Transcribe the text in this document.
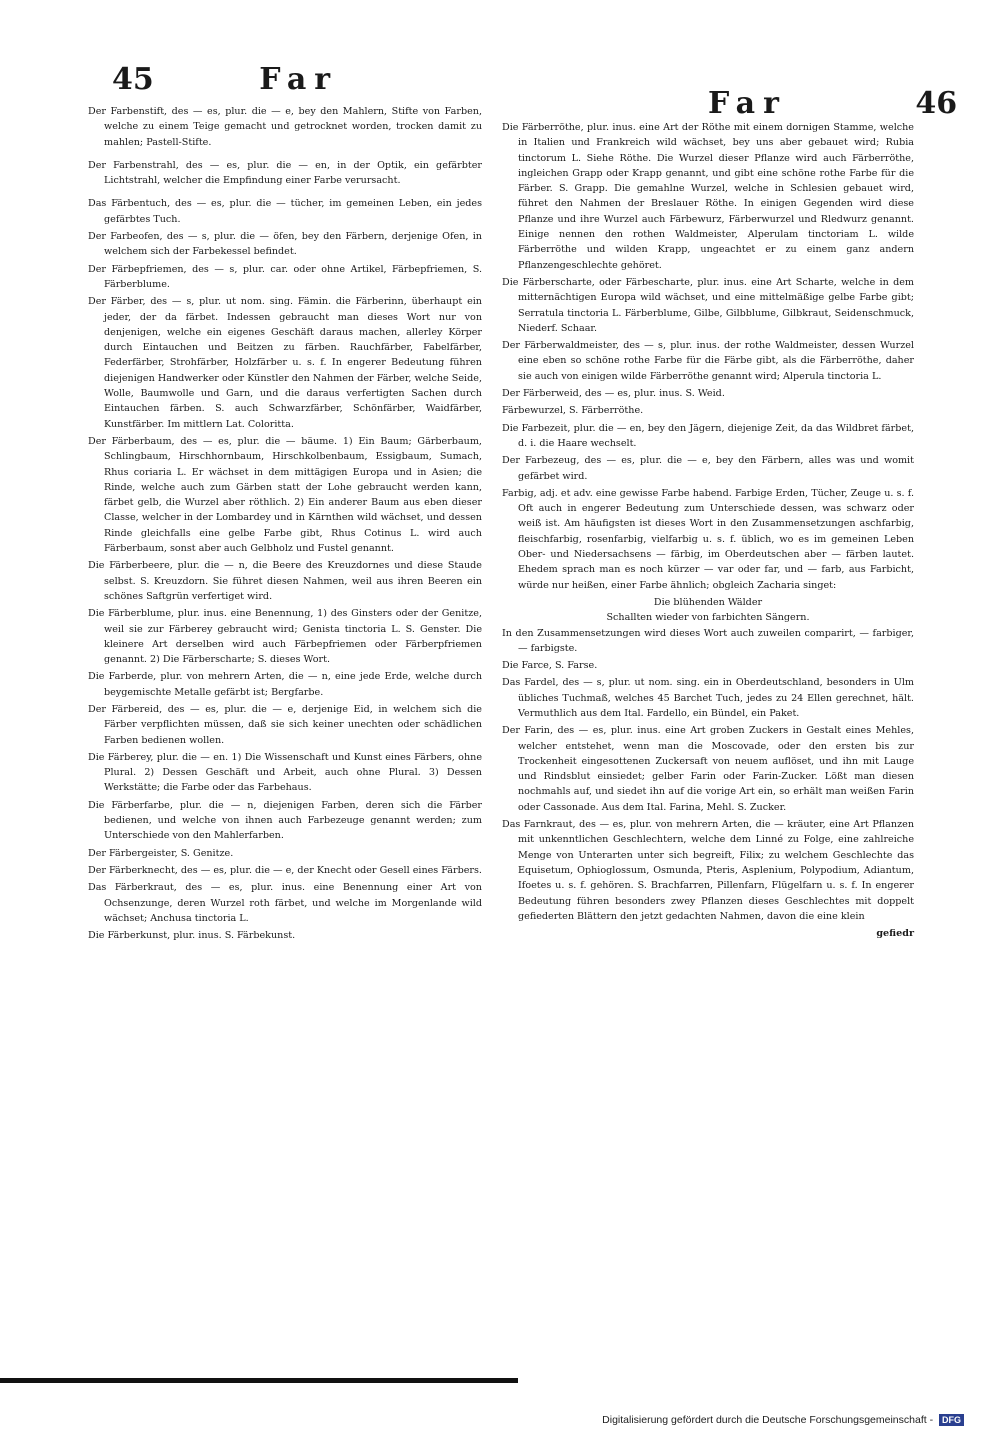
45	Far
Far	46

Der Farbenstift, des — es, plur. die — e, bey den Mahlern, Stifte von Farben, welche zu einem Teige gemacht und getrocknet worden, trocken damit zu mahlen; Pastell-Stifte.

Der Farbenstrahl, des — es, plur. die — en, in der Optik, ein gefärbter Lichtstrahl, welcher die Empfindung einer Farbe verursacht.

Das Färbentuch, des — es, plur. die — tücher, im gemeinen Leben, ein jedes gefärbtes Tuch.

Der Farbeofen, des — s, plur. die — öfen, bey den Färbern, derjenige Ofen, in welchem sich der Farbekessel befindet.

Der Färbepfriemen, des — s, plur. car. oder ohne Artikel, Färbepfriemen, S. Färberblume.

Der Färber, des — s, plur. ut nom. sing. Fämin. die Färberinn, überhaupt ein jeder, der da färbet. Indessen gebraucht man dieses Wort nur von denjenigen, welche ein eigenes Geschäft daraus machen, allerley Körper durch Eintauchen und Beitzen zu färben. Rauchfärber, Fabelfärber, Federfärber, Strohfärber, Holzfärber u. s. f. In engerer Bedeutung führen diejenigen Handwerker oder Künstler den Nahmen der Färber, welche Seide, Wolle, Baumwolle und Garn, und die daraus verfertigten Sachen durch Eintauchen färben. S. auch Schwarzfärber, Schönfärber, Waidfärber, Kunstfärber. Im mittlern Lat. Coloritta.

Der Färberbaum, des — es, plur. die — bäume. 1) Ein Baum; Gärberbaum, Schlingbaum, Hirschhornbaum, Hirschkolbenbaum, Essigbaum, Sumach, Rhus coriaria L. Er wächset in dem mittägigen Europa und in Asien; die Rinde, welche auch zum Gärben statt der Lohe gebraucht werden kann, färbet gelb, die Wurzel aber röthlich. 2) Ein anderer Baum aus eben dieser Classe, welcher in der Lombardey und in Kärnthen wild wächset, und dessen Rinde gleichfalls eine gelbe Farbe gibt, Rhus Cotinus L. wird auch Färberbaum, sonst aber auch Gelbholz und Fustel genannt.

Die Färberbeere, plur. die — n, die Beere des Kreuzdornes und diese Staude selbst. S. Kreuzdorn. Sie führet diesen Nahmen, weil aus ihren Beeren ein schönes Saftgrün verfertiget wird.

Die Färberblume, plur. inus. eine Benennung, 1) des Ginsters oder der Genitze, weil sie zur Färberey gebraucht wird; Genista tinctoria L. S. Genster. Die kleinere Art derselben wird auch Färbepfriemen oder Färberpfriemen genannt. 2) Die Färberscharte; S. dieses Wort.

Die Farberde, plur. von mehrern Arten, die — n, eine jede Erde, welche durch beygemischte Metalle gefärbt ist; Bergfarbe.

Der Färbereid, des — es, plur. die — e, derjenige Eid, in welchem sich die Färber verpflichten müssen, daß sie sich keiner unechten oder schädlichen Farben bedienen wollen.

Die Färberey, plur. die — en. 1) Die Wissenschaft und Kunst eines Färbers, ohne Plural. 2) Dessen Geschäft und Arbeit, auch ohne Plural. 3) Dessen Werkstätte; die Farbe oder das Farbehaus.

Die Färberfarbe, plur. die — n, diejenigen Farben, deren sich die Färber bedienen, und welche von ihnen auch Farbezeuge genannt werden; zum Unterschiede von den Mahlerfarben.

Der Färbergeister, S. Genitze.

Der Färberknecht, des — es, plur. die — e, der Knecht oder Gesell eines Färbers.

Das Färberkraut, des — es, plur. inus. eine Benennung einer Art von Ochsenzunge, deren Wurzel roth färbet, und welche im Morgenlande wild wächset; Anchusa tinctoria L.

Die Färberkunst, plur. inus. S. Färbekunst.

Die Färberröthe, plur. inus. eine Art der Röthe mit einem dornigen Stamme, welche in Italien und Frankreich wild wächset, bey uns aber gebauet wird; Rubia tinctorum L. Siehe Röthe. Die Wurzel dieser Pflanze wird auch Färberröthe, ingleichen Grapp oder Krapp genannt, und gibt eine schöne rothe Farbe für die Färber. S. Grapp. Die gemahlne Wurzel, welche in Schlesien gebauet wird, führet den Nahmen der Breslauer Röthe. In einigen Gegenden wird diese Pflanze und ihre Wurzel auch Färbewurz, Färberwurzel und Rledwurz genannt. Einige nennen den rothen Waldmeister, Alperulam tinctoriam L. wilde Färberröthe und wilden Krapp, ungeachtet er zu einem ganz andern Pflanzengeschlechte gehöret.

Die Färberscharte, oder Färbescharte, plur. inus. eine Art Scharte, welche in dem mitternächtigen Europa wild wächset, und eine mittelmäßige gelbe Farbe gibt; Serratula tinctoria L. Färberblume, Gilbe, Gilbblume, Gilbkraut, Seidenschmuck, Niederf. Schaar.

Der Färberwaldmeister, des — s, plur. inus. der rothe Waldmeister, dessen Wurzel eine eben so schöne rothe Farbe für die Färbe gibt, als die Färberröthe, daher sie auch von einigen wilde Färberröthe genannt wird; Alperula tinctoria L.

Der Färberweid, des — es, plur. inus. S. Weid.

Färbewurzel, S. Färberröthe.

Die Farbezeit, plur. die — en, bey den Jägern, diejenige Zeit, da das Wildbret färbet, d. i. die Haare wechselt.

Der Farbezeug, des — es, plur. die — e, bey den Färbern, alles was und womit gefärbet wird.

Farbig, adj. et adv. eine gewisse Farbe habend. Farbige Erden, Tücher, Zeuge u. s. f. Oft auch in engerer Bedeutung zum Unterschiede dessen, was schwarz oder weiß ist. Am häufigsten ist dieses Wort in den Zusammensetzungen aschfarbig, fleischfarbig, rosenfarbig, vielfarbig u. s. f. üblich, wo es im gemeinen Leben Ober- und Niedersachsens — färbig, im Oberdeutschen aber — färben lautet. Ehedem sprach man es noch kürzer — var oder far, und — farb, aus Farbicht, würde nur heißen, einer Farbe ähnlich; obgleich Zacharia singet:

Die blühenden Wälder

Schallten wieder von farbichten Sängern.

In den Zusammensetzungen wird dieses Wort auch zuweilen comparirt, — farbiger, — farbigste.

Die Farce, S. Farse.

Das Fardel, des — s, plur. ut nom. sing. ein in Oberdeutschland, besonders in Ulm übliches Tuchmaß, welches 45 Barchet Tuch, jedes zu 24 Ellen gerechnet, hält. Vermuthlich aus dem Ital. Fardello, ein Bündel, ein Paket.

Der Farin, des — es, plur. inus. eine Art groben Zuckers in Gestalt eines Mehles, welcher entstehet, wenn man die Moscovade, oder den ersten bis zur Trockenheit eingesottenen Zuckersaft von neuem auflöset, und ihn mit Lauge und Rindsblut einsiedet; gelber Farin oder Farin-Zucker. Lößt man diesen nochmahls auf, und siedet ihn auf die vorige Art ein, so erhält man weißen Farin oder Cassonade. Aus dem Ital. Farina, Mehl. S. Zucker.

Das Farnkraut, des — es, plur. von mehrern Arten, die — kräuter, eine Art Pflanzen mit unkenntlichen Geschlechtern, welche dem Linné zu Folge, eine zahlreiche Menge von Unterarten unter sich begreift, Filix; zu welchem Geschlechte das Equisetum, Ophioglossum, Osmunda, Pteris, Asplenium, Polypodium, Adiantum, Ifoetes u. s. f. gehören. S. Brachfarren, Pillenfarn, Flügelfarn u. s. f. In engerer Bedeutung führen besonders zwey Pflanzen dieses Geschlechtes mit doppelt gefiederten Blättern den jetzt gedachten Nahmen, davon die eine klein

gefiedr

Digitalisierung gefördert durch die Deutsche Forschungsgemeinschaft - DFG
